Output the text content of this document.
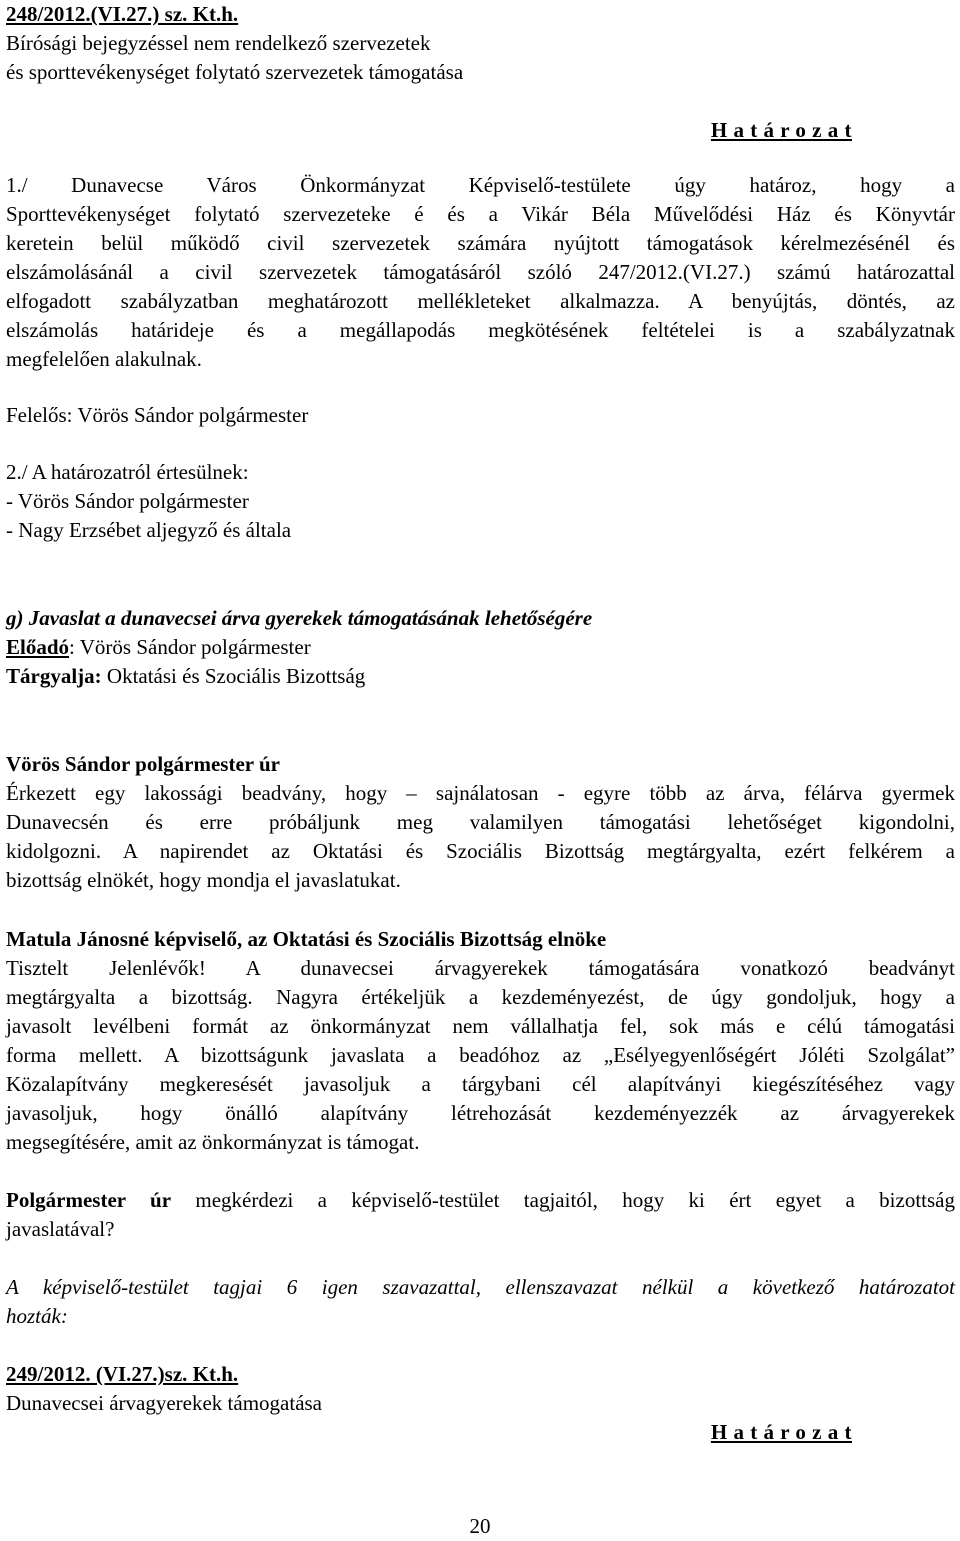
248/2012.(VI.27.) sz. Kt.h.
Bírósági bejegyzéssel nem rendelkező szervezetek
és sporttevékenységet folytató szervezetek támogatása
H a t á r o z a t
1./ Dunavecse Város Önkormányzat Képviselő-testülete úgy határoz, hogy a
Sporttevékenységet folytató szervezeteke é és a Vikár Béla Művelődési Ház és Könyvtár
keretein belül működő civil szervezetek számára nyújtott támogatások kérelmezésénél és
elszámolásánál a civil szervezetek támogatásáról szóló 247/2012.(VI.27.) számú határozattal
elfogadott szabályzatban meghatározott mellékleteket alkalmazza. A benyújtás, döntés, az
elszámolás határideje és a megállapodás megkötésének feltételei is a szabályzatnak
megfelelően alakulnak.
Felelős: Vörös Sándor polgármester
2./ A határozatról értesülnek:
- Vörös Sándor polgármester
- Nagy Erzsébet aljegyző és általa
g) Javaslat a dunavecsei árva gyerekek támogatásának lehetőségére
Előadó: Vörös Sándor polgármester
Tárgyalja: Oktatási és Szociális Bizottság
Vörös Sándor polgármester úr
Érkezett egy lakossági beadvány, hogy – sajnálatosan - egyre több az árva, félárva gyermek
Dunavecsén és erre próbáljunk meg valamilyen támogatási lehetőséget kigondolni,
kidolgozni. A napirendet az Oktatási és Szociális Bizottság megtárgyalta, ezért felkérem a
bizottság elnökét, hogy mondja el javaslatukat.
Matula Jánosné képviselő, az Oktatási és Szociális Bizottság elnöke
Tisztelt Jelenlévők! A dunavecsei árvagyerekek támogatására vonatkozó beadványt
megtárgyalta a bizottság. Nagyra értékeljük a kezdeményezést, de úgy gondoljuk, hogy a
javasolt levélbeni formát az önkormányzat nem vállalhatja fel, sok más e célú támogatási
forma mellett. A bizottságunk javaslata a beadóhoz az „Esélyegyenlőségért Jóléti Szolgálat”
Közalapítvány megkeresését javasoljuk a tárgybani cél alapítványi kiegészítéséhez vagy
javasoljuk, hogy önálló alapítvány létrehozását kezdeményezzék az árvagyerekek
megsegítésére, amit az önkormányzat is támogat.
Polgármester úr megkérdezi a képviselő-testület tagjaitól, hogy ki ért egyet a bizottság
javaslatával?
A képviselő-testület tagjai 6 igen szavazattal, ellenszavazat nélkül a következő határozatot
hozták:
249/2012. (VI.27.)sz. Kt.h.
Dunavecsei árvagyerekek támogatása
H a t á r o z a t
20
